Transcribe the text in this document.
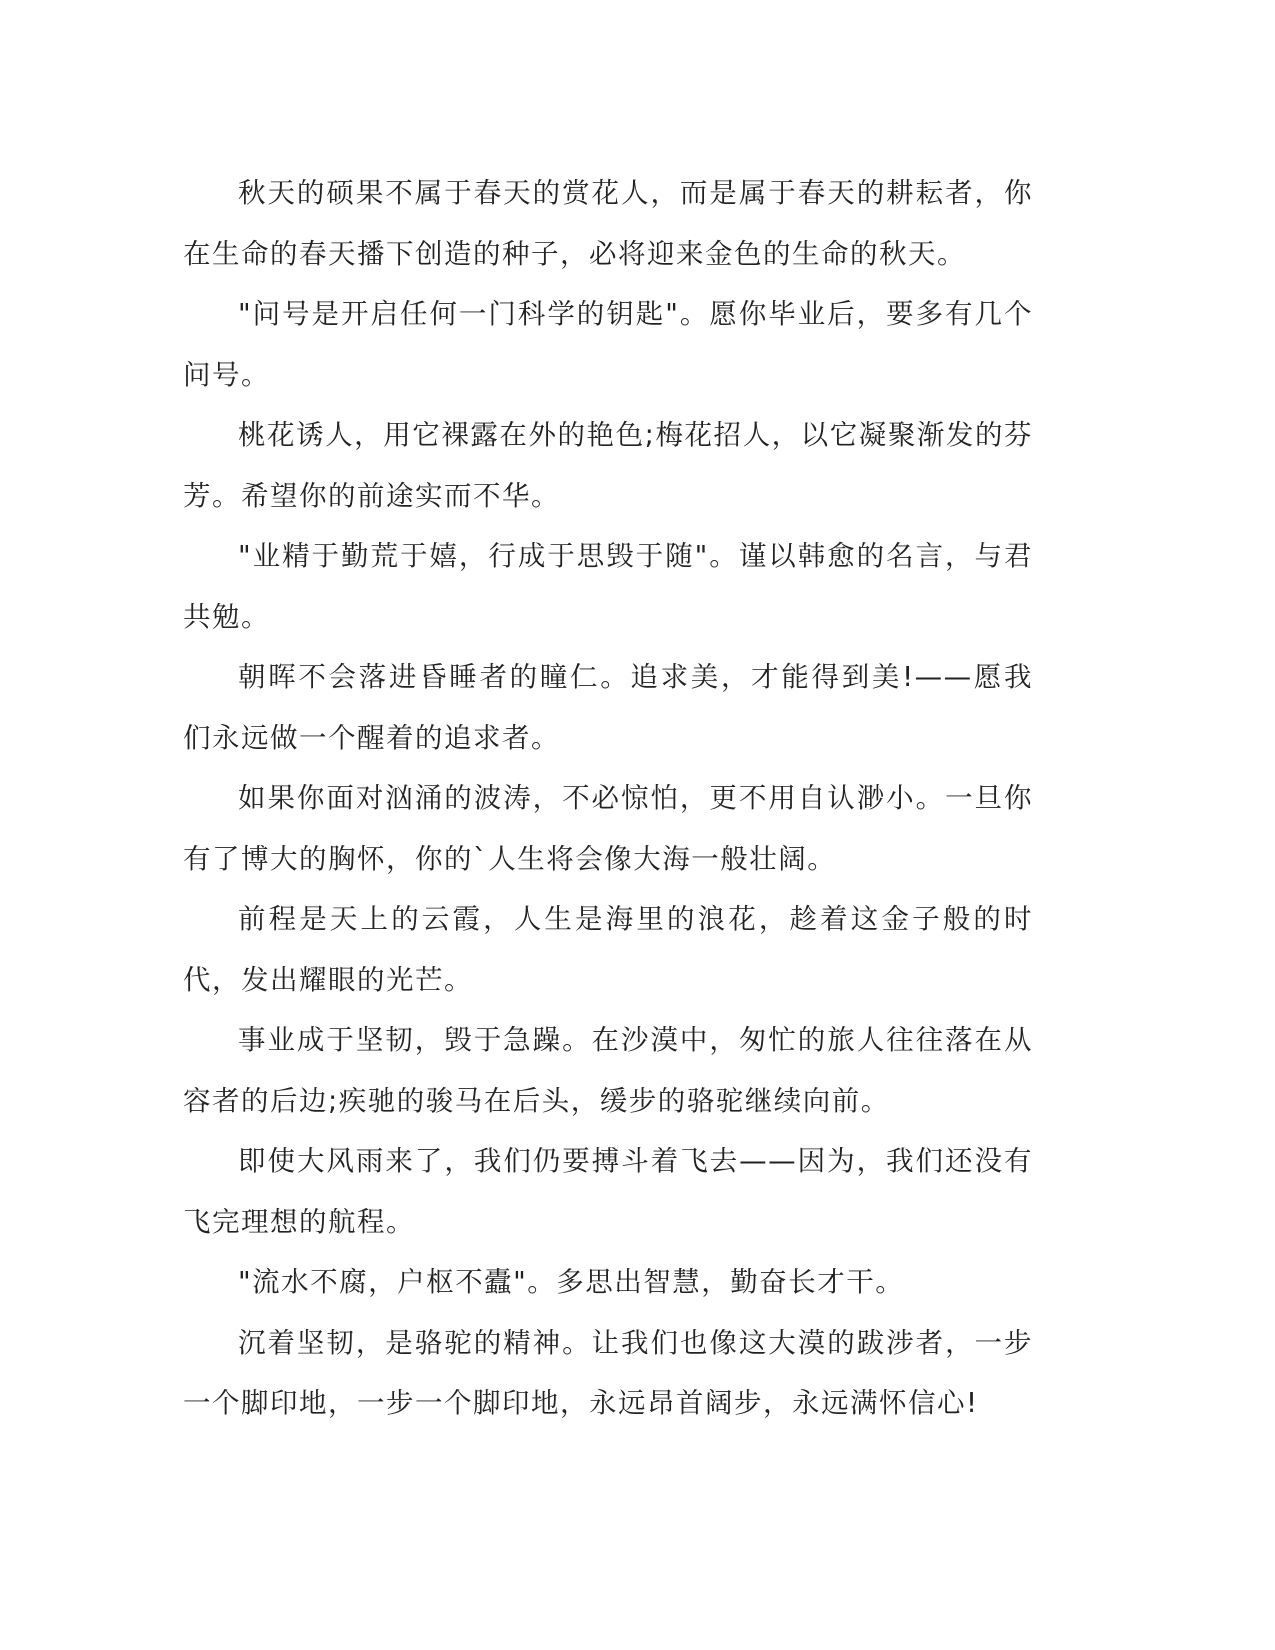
秋天的硕果不属于春天的赏花人，而是属于春天的耕耘者，你在生命的春天播下创造的种子，必将迎来金色的生命的秋天。

"问号是开启任何一门科学的钥匙"。愿你毕业后，要多有几个问号。

桃花诱人，用它裸露在外的艳色;梅花招人，以它凝聚渐发的芬芳。希望你的前途实而不华。

"业精于勤荒于嬉，行成于思毁于随"。谨以韩愈的名言，与君共勉。

朝晖不会落进昏睡者的瞳仁。追求美，才能得到美!——愿我们永远做一个醒着的追求者。

如果你面对汹涌的波涛，不必惊怕，更不用自认渺小。一旦你有了博大的胸怀，你的`人生将会像大海一般壮阔。

前程是天上的云霞，人生是海里的浪花，趁着这金子般的时代，发出耀眼的光芒。

事业成于坚韧，毁于急躁。在沙漠中，匆忙的旅人往往落在从容者的后边;疾驰的骏马在后头，缓步的骆驼继续向前。

即使大风雨来了，我们仍要搏斗着飞去——因为，我们还没有飞完理想的航程。

"流水不腐，户枢不蠹"。多思出智慧，勤奋长才干。

沉着坚韧，是骆驼的精神。让我们也像这大漠的跋涉者，一步一个脚印地，一步一个脚印地，永远昂首阔步，永远满怀信心!
